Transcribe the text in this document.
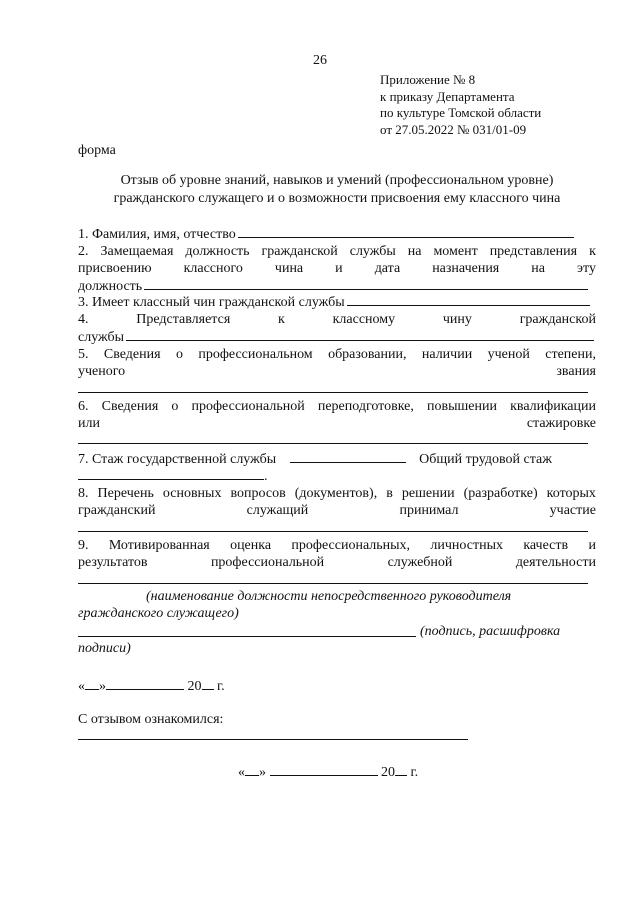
26
Приложение № 8
к приказу Департамента
по культуре Томской области
от 27.05.2022 № 031/01-09
форма
Отзыв об уровне знаний, навыков и умений (профессиональном уровне)
гражданского служащего и о возможности присвоения ему классного чина
1. Фамилия, имя, отчество
2. Замещаемая должность гражданской службы на момент представления к
присвоению классного чина и дата назначения на эту
должность
3. Имеет классный чин гражданской службы
4.	Представляется	к	классному	чину	гражданской
службы
5. Сведения о профессиональном образовании, наличии ученой степени,
ученого	звания
6. Сведения о профессиональной переподготовке, повышении квалификации
или	стажировке
7. Стаж государственной службы	Общий трудовой стаж
.
8. Перечень основных вопросов (документов), в решении (разработке) которых
гражданский	служащий	принимал	участие
9. Мотивированная оценка профессиональных, личностных качеств и
результатов	профессиональной	служебной	деятельности
(наименование должности непосредственного руководителя
гражданского служащего)
(подпись, расшифровка
подписи)
« »	20 г.
С отзывом ознакомился:
« »	20 г.
